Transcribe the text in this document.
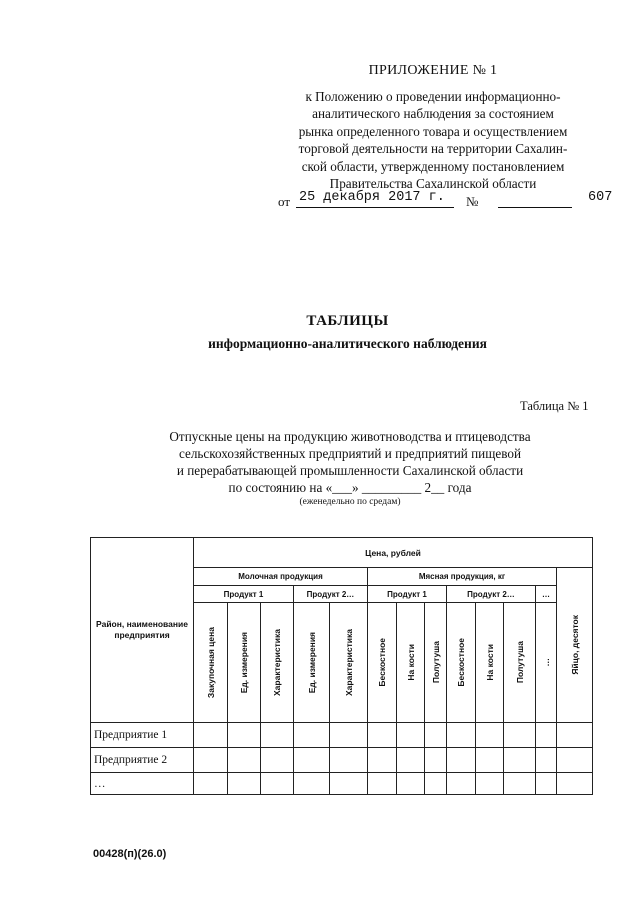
ПРИЛОЖЕНИЕ № 1
к Положению о проведении информационно-
аналитического наблюдения за состоянием
рынка определенного товара и осуществлением
торговой деятельности на территории Сахалин-
ской области, утвержденному постановлением
Правительства Сахалинской области
от 25 декабря 2017 г. №	607
ТАБЛИЦЫ
информационно-аналитического наблюдения
Таблица № 1
Отпускные цены на продукцию животноводства и птицеводства
сельскохозяйственных предприятий и предприятий пищевой
и перерабатывающей промышленности Сахалинской области
по состоянию на «___» _________ 2__ года
(еженедельно по средам)
Район, наименование предприятия	Цена, рублей												
	Молочная продукция					Мясная продукция, кг							Яйцо, десяток

	Продукт 1			Продукт 2…		Продукт 1			Продукт 2…			…	

	Закупочная цена	Ед. измерения	Характеристика	Ед. измерения	Характеристика	Бескостное	На кости	Полутуша	Бескостное	На кости	Полутуша	…	

Предприятие 1													
Предприятие 2													
…													
00428(п)(26.0)
